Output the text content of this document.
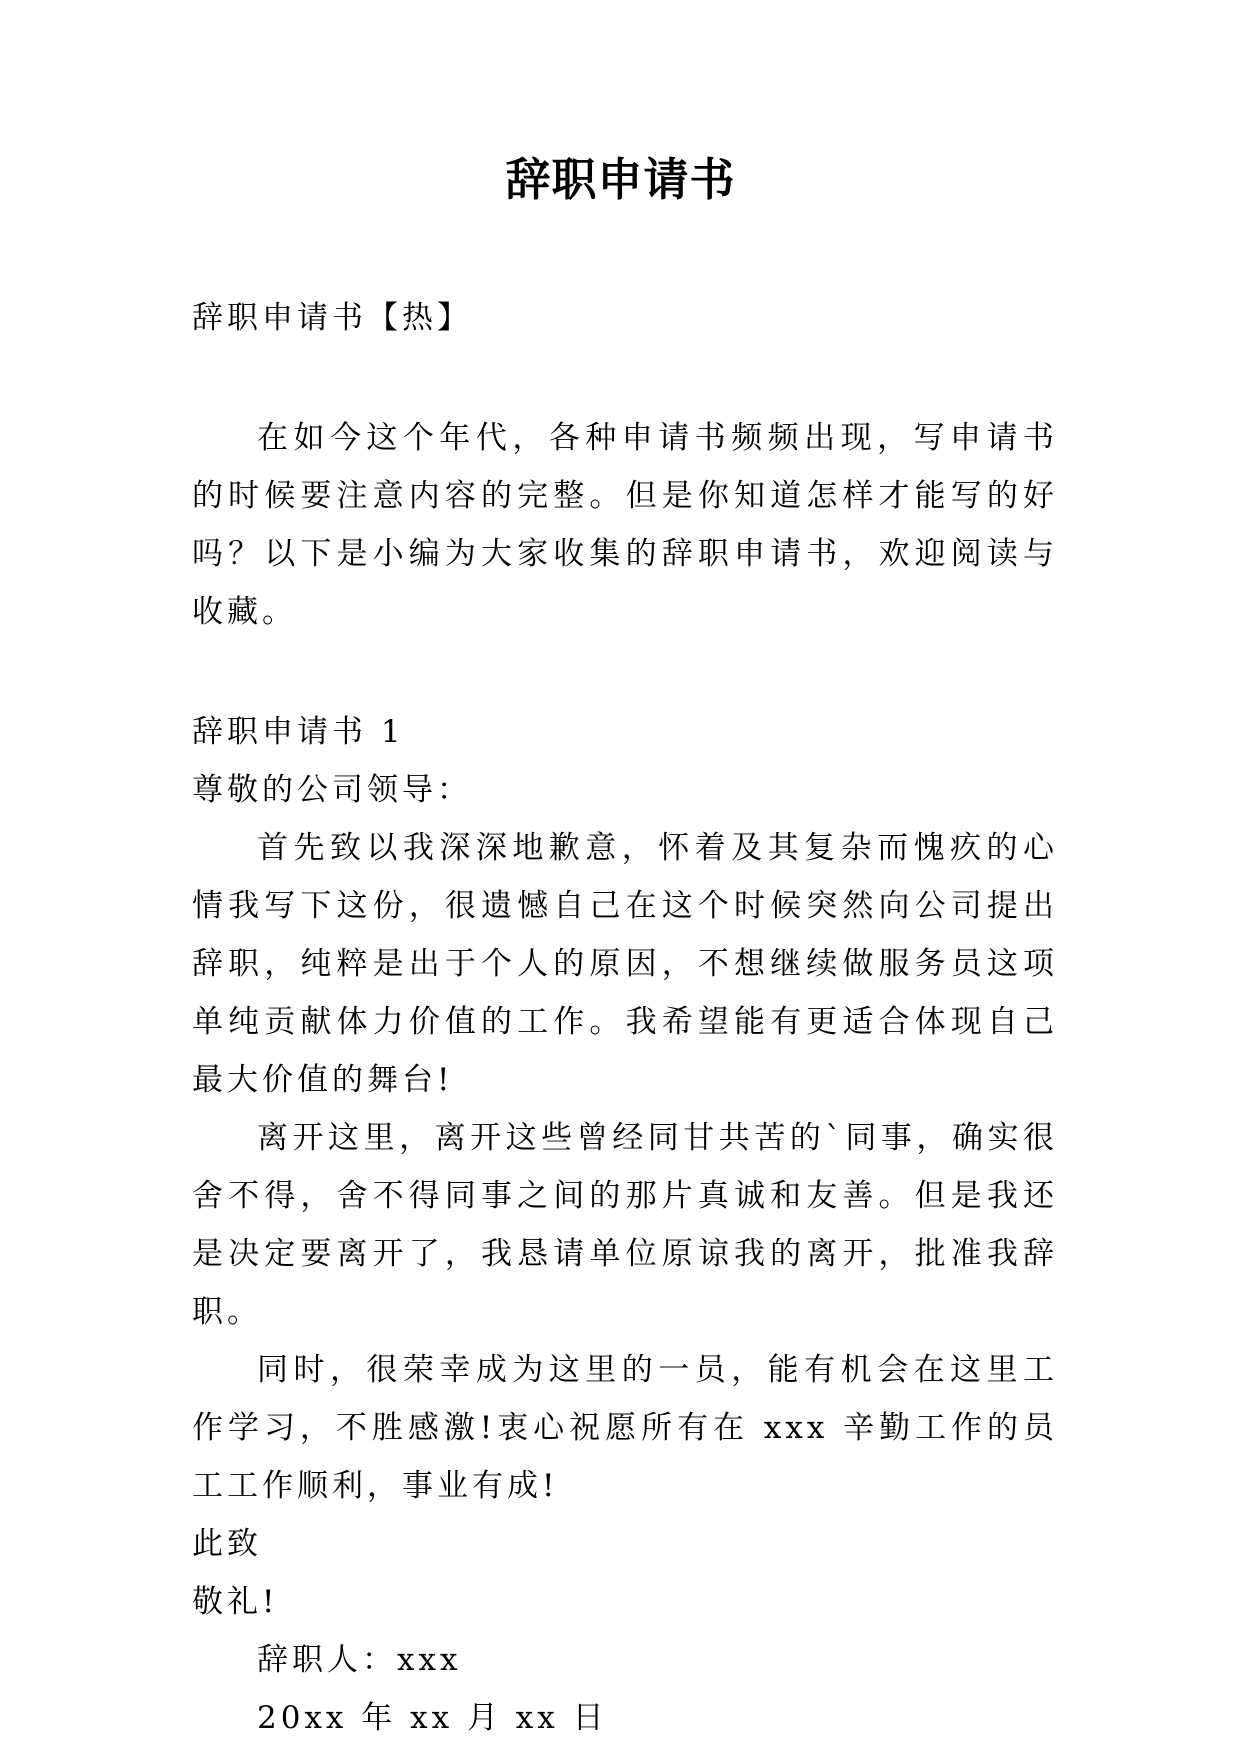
辞职申请书
辞职申请书【热】
在如今这个年代，各种申请书频频出现，写申请书的时候要注意内容的完整。但是你知道怎样才能写的好吗？以下是小编为大家收集的辞职申请书，欢迎阅读与收藏。
辞职申请书 1
尊敬的公司领导：
首先致以我深深地歉意，怀着及其复杂而愧疚的心情我写下这份，很遗憾自己在这个时候突然向公司提出辞职，纯粹是出于个人的原因，不想继续做服务员这项单纯贡献体力价值的工作。我希望能有更适合体现自己最大价值的舞台!
离开这里，离开这些曾经同甘共苦的`同事，确实很舍不得，舍不得同事之间的那片真诚和友善。但是我还是决定要离开了，我恳请单位原谅我的离开，批准我辞职。
同时，很荣幸成为这里的一员，能有机会在这里工作学习，不胜感激!衷心祝愿所有在 xxx 辛勤工作的员工工作顺利，事业有成!
此致
敬礼!
辞职人：xxx
20xx 年 xx 月 xx 日
